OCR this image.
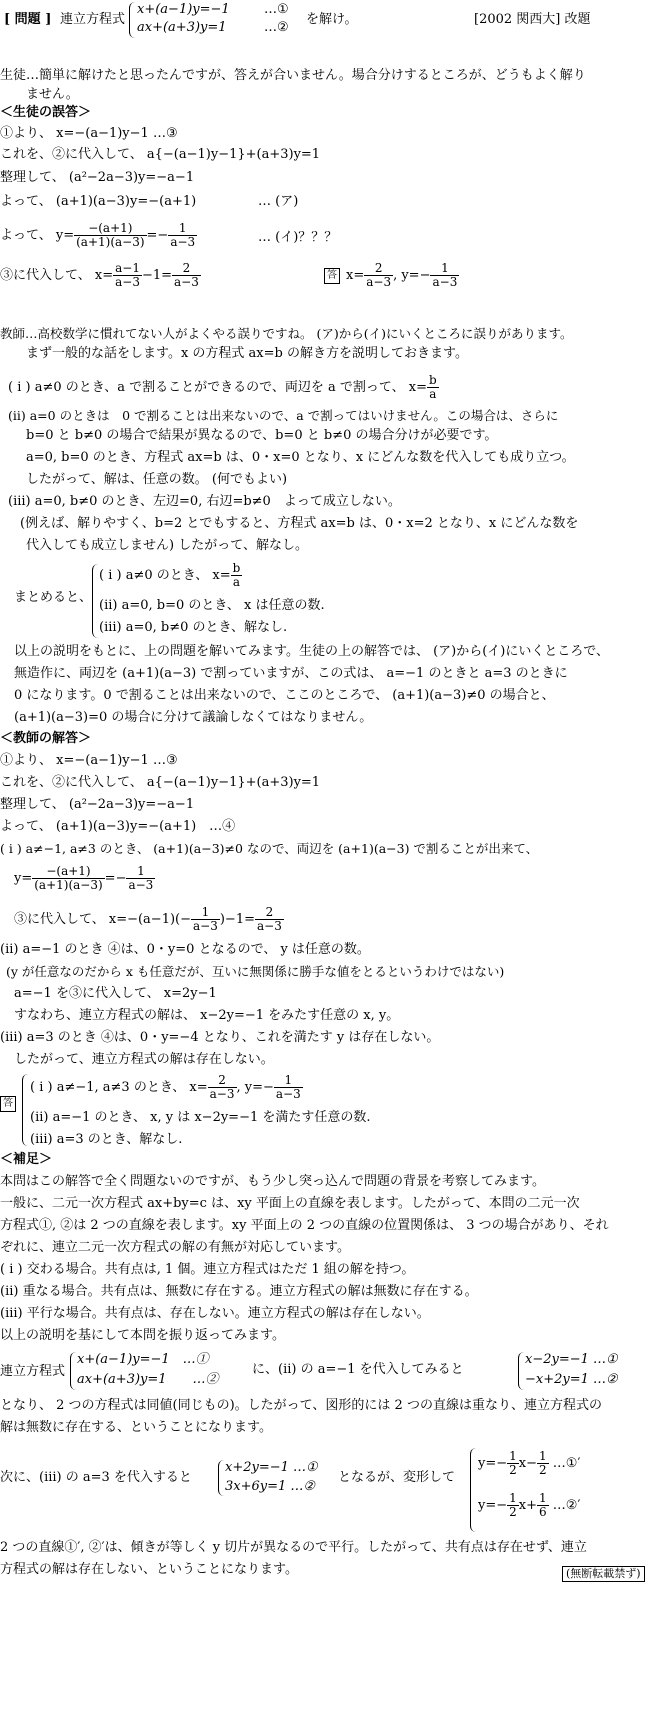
[ 問題 ] 連立方程式
x+(a−1)y=−1
ax+(a+3)y=1
…①
…②
を解け。	[2002 関西大] 改題
生徒…簡単に解けたと思ったんですが、答えが合いません。場合分けするところが、どうもよく解り
ません。
＜生徒の誤答＞
①より、 x=−(a−1)y−1 …③
これを、②に代入して、 a{−(a−1)y−1}+(a+3)y=1
整理して、 (a²−2a−3)y=−a−1
よって、 (a+1)(a−3)y=−(a+1)	… (ア)
よって、 $y= \frac{-(a+1)}{(a+1)(a-3)} =- \frac{1}{a-3}$	… (イ)？？？
③に代入して、 $x= \frac{a-1}{a-3} -1= \frac{2}{a-3}$	答 $x= \frac{2}{a-3}$ , $y=- \frac{1}{a-3}$
教師…高校数学に慣れてない人がよくやる誤りですね。 (ア)から(イ)にいくところに誤りがあります。
まず一般的な話をします。x の方程式 ax=b の解き方を説明しておきます。
( i ) a≠0 のとき、a で割ることができるので、両辺を a で割って、 $x= \frac{b}{a}$
(ii) a=0 のときは　0 で割ることは出来ないので、a で割ってはいけません。この場合は、さらに
b=0 と b≠0 の場合で結果が異なるので、b=0 と b≠0 の場合分けが必要です。
a=0, b=0 のとき、方程式 ax=b は、0・x=0 となり、x にどんな数を代入しても成り立つ。
したがって、解は、任意の数。 (何でもよい)
(iii) a=0, b≠0 のとき、左辺=0, 右辺=b≠0　よって成立しない。
(例えば、解りやすく、b=2 とでもすると、方程式 ax=b は、0・x=2 となり、x にどんな数を
代入しても成立しません) したがって、解なし。
まとめると、
( i ) a≠0 のとき、 $x= \frac{b}{a}$
(ii) a=0, b=0 のとき、 x は任意の数.
(iii) a=0, b≠0 のとき、解なし.
以上の説明をもとに、上の問題を解いてみます。生徒の上の解答では、 (ア)から(イ)にいくところで、
無造作に、両辺を (a+1)(a−3) で割っていますが、この式は、 a=−1 のときと a=3 のときに
0 になります。0 で割ることは出来ないので、ここのところで、 (a+1)(a−3)≠0 の場合と、
(a+1)(a−3)=0 の場合に分けて議論しなくてはなりません。
＜教師の解答＞
①より、 x=−(a−1)y−1 …③
これを、②に代入して、 a{−(a−1)y−1}+(a+3)y=1
整理して、 (a²−2a−3)y=−a−1
よって、 (a+1)(a−3)y=−(a+1)　…④
( i ) a≠−1, a≠3 のとき、 (a+1)(a−3)≠0 なので、両辺を (a+1)(a−3) で割ることが出来て、
$y= \frac{-(a+1)}{(a+1)(a-3)} =- \frac{1}{a-3}$
③に代入して、 $x=-(a-1)(- \frac{1}{a-3} )-1= \frac{2}{a-3}$
(ii) a=−1 のとき ④は、0・y=0 となるので、 y は任意の数。
(y が任意なのだから x も任意だが、互いに無関係に勝手な値をとるというわけではない)
a=−1 を③に代入して、 x=2y−1
すなわち、連立方程式の解は、 x−2y=−1 をみたす任意の x, y。
(iii) a=3 のとき ④は、0・y=−4 となり、これを満たす y は存在しない。
したがって、連立方程式の解は存在しない。
答
( i ) a≠−1, a≠3 のとき、 $x= \frac{2}{a-3}$ , $y=- \frac{1}{a-3}$
(ii) a=−1 のとき、 x, y は x−2y=−1 を満たす任意の数.
(iii) a=3 のとき、解なし.
＜補足＞
本問はこの解答で全く問題ないのですが、もう少し突っ込んで問題の背景を考察してみます。
一般に、二元一次方程式 ax+by=c は、xy 平面上の直線を表します。したがって、本問の二元一次
方程式①, ②は 2 つの直線を表します。xy 平面上の 2 つの直線の位置関係は、 3 つの場合があり、それ
ぞれに、連立二元一次方程式の解の有無が対応しています。
( i ) 交わる場合。共有点は, 1 個。連立方程式はただ 1 組の解を持つ。
(ii) 重なる場合。共有点は、無数に存在する。連立方程式の解は無数に存在する。
(iii) 平行な場合。共有点は、存在しない。連立方程式の解は存在しない。
以上の説明を基にして本問を振り返ってみます。
連立方程式
x+(a−1)y=−1　…①
ax+(a+3)y=1　　…②
に、(ii) の a=−1 を代入してみると
x−2y=−1 …①
−x+2y=1 …②
となり、 2 つの方程式は同値(同じもの)。したがって、図形的には 2 つの直線は重なり、連立方程式の
解は無数に存在する、ということになります。
次に、(iii) の a=3 を代入すると
x+2y=−1 …①
3x+6y=1 …②
となるが、変形して
$y=- \frac{1}{2} x- \frac{1}{2}$ …①′
$y=- \frac{1}{2} x+ \frac{1}{6}$ …②′
2 つの直線①′, ②′は、傾きが等しく y 切片が異なるので平行。したがって、共有点は存在せず、連立
方程式の解は存在しない、ということになります。	(無断転載禁ず)
